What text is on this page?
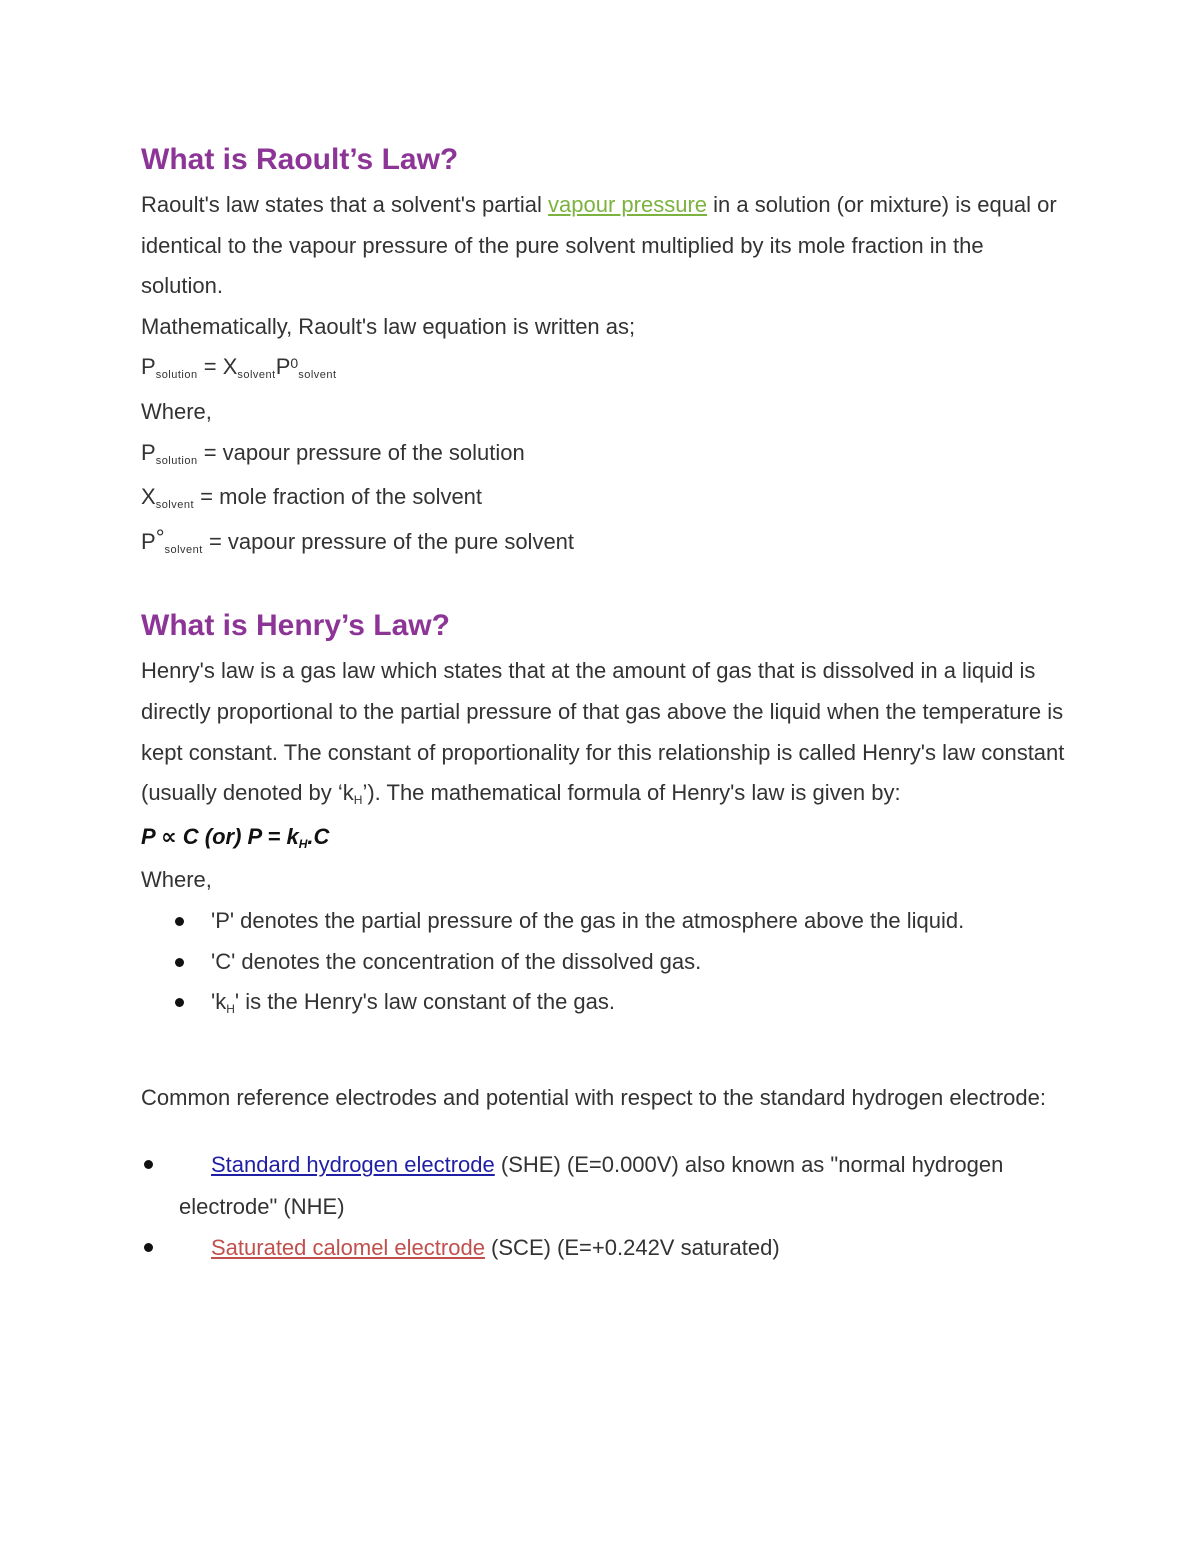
What is Raoult’s Law?

Raoult's law states that a solvent's partial vapour pressure in a solution (or mixture) is equal or identical to the vapour pressure of the pure solvent multiplied by its mole fraction in the solution.

Mathematically, Raoult's law equation is written as;

Psolution = XsolventP$^0$solvent

Where,

Psolution = vapour pressure of the solution

Xsolvent = mole fraction of the solvent

P°solvent = vapour pressure of the pure solvent

What is Henry’s Law?

Henry's law is a gas law which states that at the amount of gas that is dissolved in a liquid is directly proportional to the partial pressure of that gas above the liquid when the temperature is kept constant. The constant of proportionality for this relationship is called Henry's law constant (usually denoted by ‘kH’). The mathematical formula of Henry's law is given by:

P ∝ C (or) P = kH.C

Where,

'P' denotes the partial pressure of the gas in the atmosphere above the liquid.
'C' denotes the concentration of the dissolved gas.
'kH' is the Henry's law constant of the gas.

Common reference electrodes and potential with respect to the standard hydrogen electrode:

Standard hydrogen electrode (SHE) (E=0.000V) also known as "normal hydrogen electrode" (NHE)
Saturated calomel electrode (SCE) (E=+0.242V saturated)
